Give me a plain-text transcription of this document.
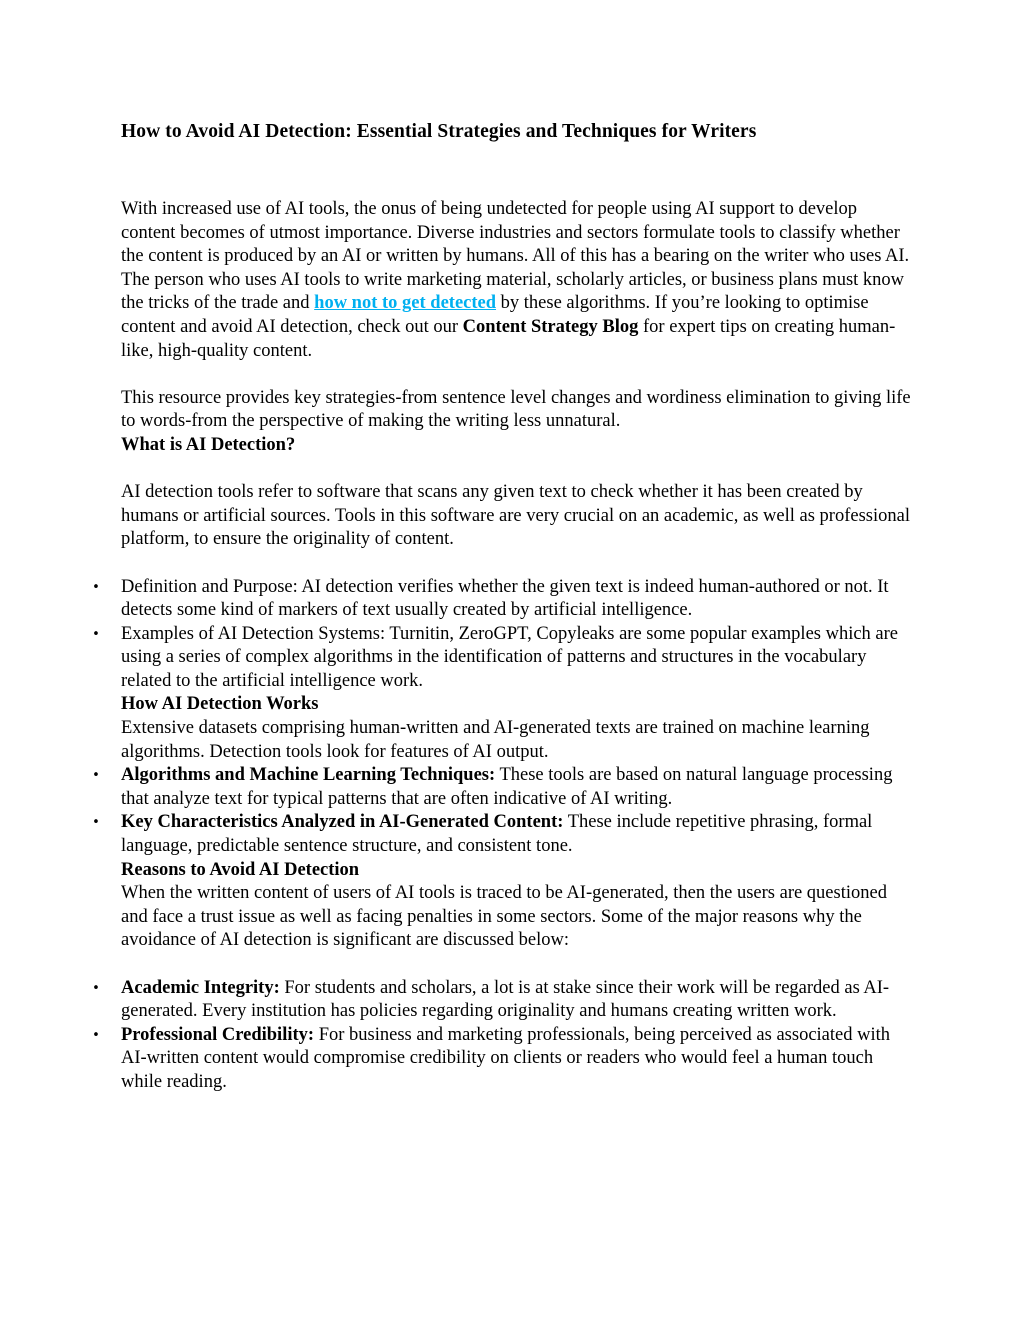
How to Avoid AI Detection: Essential Strategies and Techniques for Writers

With increased use of AI tools, the onus of being undetected for people using AI support to develop content becomes of utmost importance. Diverse industries and sectors formulate tools to classify whether the content is produced by an AI or written by humans. All of this has a bearing on the writer who uses AI. The person who uses AI tools to write marketing material, scholarly articles, or business plans must know the tricks of the trade and how not to get detected by these algorithms. If you’re looking to optimise content and avoid AI detection, check out our Content Strategy Blog for expert tips on creating human-like, high-quality content.

This resource provides key strategies-from sentence level changes and wordiness elimination to giving life to words-from the perspective of making the writing less unnatural.

What is AI Detection?

AI detection tools refer to software that scans any given text to check whether it has been created by humans or artificial sources. Tools in this software are very crucial on an academic, as well as professional platform, to ensure the originality of content.

• Definition and Purpose: AI detection verifies whether the given text is indeed human-authored or not. It detects some kind of markers of text usually created by artificial intelligence.
• Examples of AI Detection Systems: Turnitin, ZeroGPT, Copyleaks are some popular examples which are using a series of complex algorithms in the identification of patterns and structures in the vocabulary related to the artificial intelligence work.
How AI Detection Works
Extensive datasets comprising human-written and AI-generated texts are trained on machine learning algorithms. Detection tools look for features of AI output.
• Algorithms and Machine Learning Techniques: These tools are based on natural language processing that analyze text for typical patterns that are often indicative of AI writing.
• Key Characteristics Analyzed in AI-Generated Content: These include repetitive phrasing, formal language, predictable sentence structure, and consistent tone.

Reasons to Avoid AI Detection

When the written content of users of AI tools is traced to be AI-generated, then the users are questioned and face a trust issue as well as facing penalties in some sectors. Some of the major reasons why the avoidance of AI detection is significant are discussed below:

• Academic Integrity: For students and scholars, a lot is at stake since their work will be regarded as AI-generated. Every institution has policies regarding originality and humans creating written work.
• Professional Credibility: For business and marketing professionals, being perceived as associated with AI-written content would compromise credibility on clients or readers who would feel a human touch while reading.
